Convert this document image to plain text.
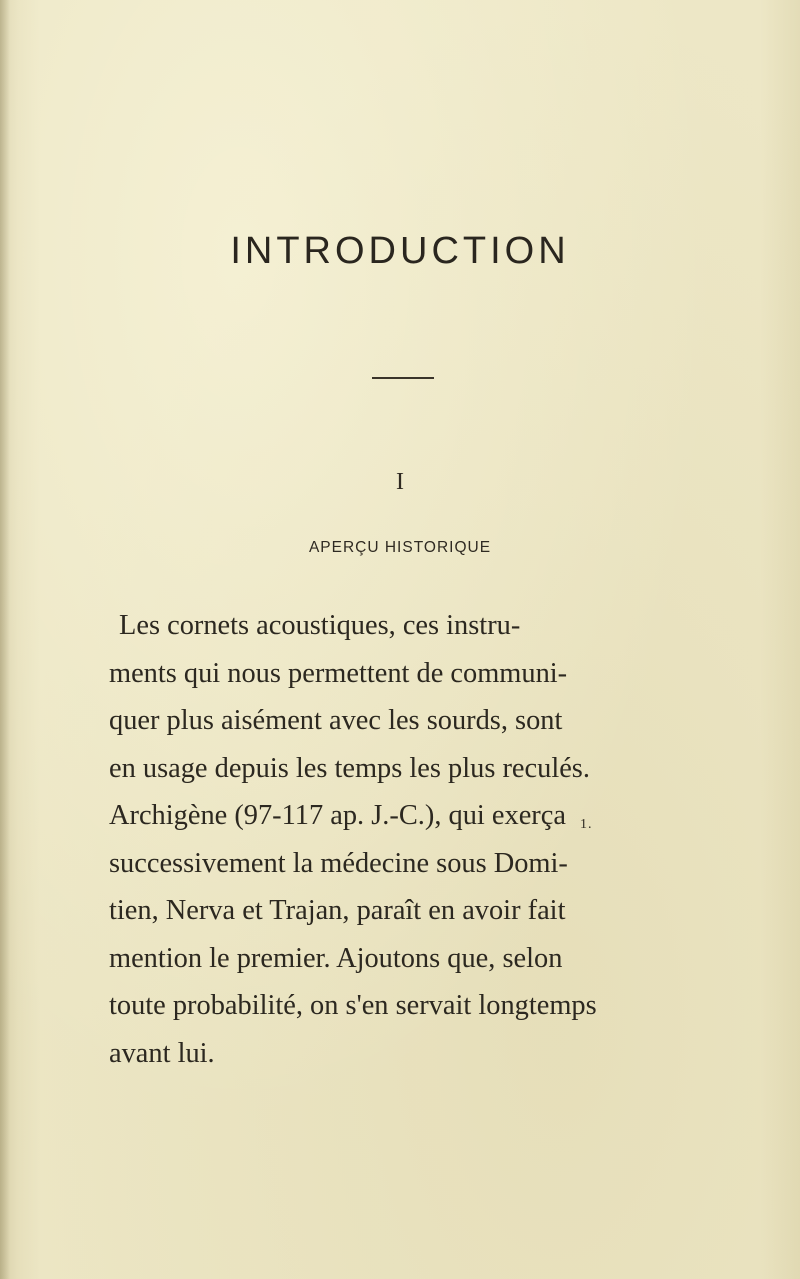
INTRODUCTION
I
APERÇU HISTORIQUE
Les cornets acoustiques, ces instru-
ments qui nous permettent de communi-
quer plus aisément avec les sourds, sont
en usage depuis les temps les plus reculés.
Archigène (97-117 ap. J.-C.), qui exerça
successivement la médecine sous Domi-
tien, Nerva et Trajan, paraît en avoir fait
mention le premier. Ajoutons que, selon
toute probabilité, on s'en servait longtemps
avant lui.
1.
